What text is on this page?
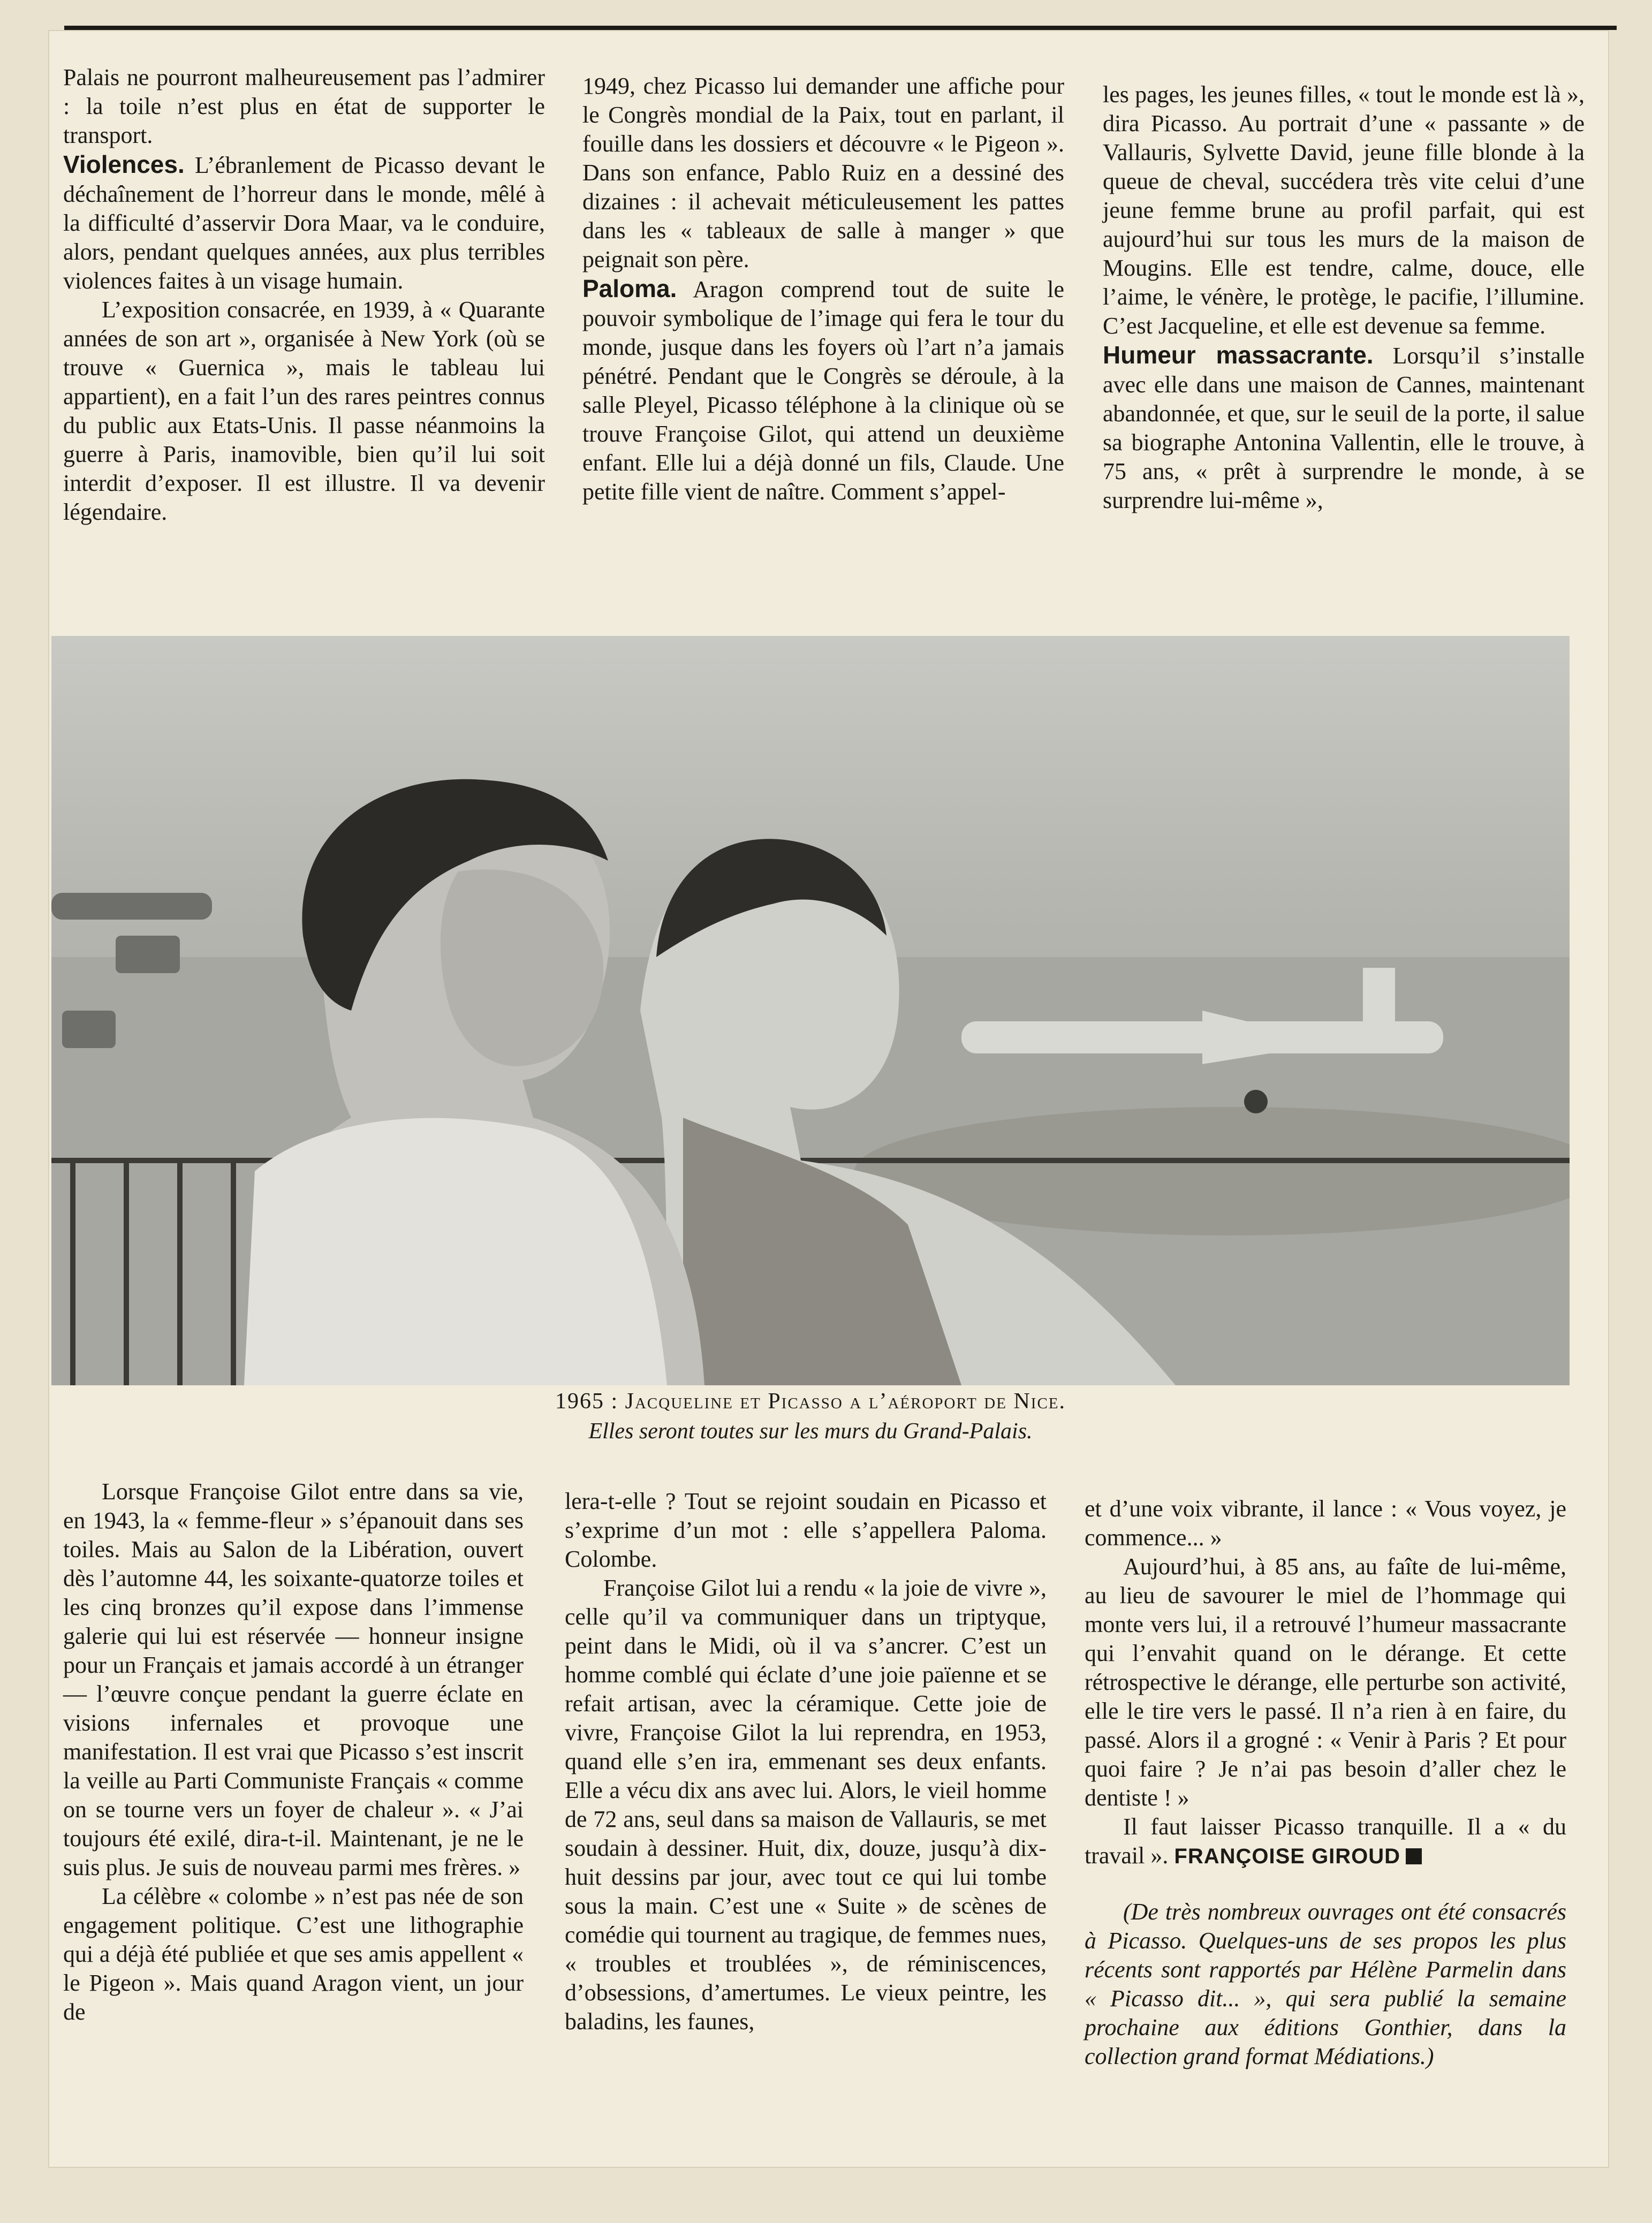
Palais ne pourront malheureusement pas l’admirer : la toile n’est plus en état de supporter le transport.

Violences. L’ébranlement de Picasso devant le déchaînement de l’horreur dans le monde, mêlé à la difficulté d’asservir Dora Maar, va le conduire, alors, pendant quelques années, aux plus terribles violences faites à un visage humain.

L’exposition consacrée, en 1939, à « Quarante années de son art », organisée à New York (où se trouve « Guernica », mais le tableau lui appartient), en a fait l’un des rares peintres connus du public aux Etats-Unis. Il passe néanmoins la guerre à Paris, inamovible, bien qu’il lui soit interdit d’exposer. Il est illustre. Il va devenir légendaire.

1949, chez Picasso lui demander une affiche pour le Congrès mondial de la Paix, tout en parlant, il fouille dans les dossiers et découvre « le Pigeon ». Dans son enfance, Pablo Ruiz en a dessiné des dizaines : il achevait méticuleusement les pattes dans les « tableaux de salle à manger » que peignait son père.

Paloma. Aragon comprend tout de suite le pouvoir symbolique de l’image qui fera le tour du monde, jusque dans les foyers où l’art n’a jamais pénétré. Pendant que le Congrès se déroule, à la salle Pleyel, Picasso téléphone à la clinique où se trouve Françoise Gilot, qui attend un deuxième enfant. Elle lui a déjà donné un fils, Claude. Une petite fille vient de naître. Comment s’appel-

les pages, les jeunes filles, « tout le monde est là », dira Picasso. Au portrait d’une « passante » de Vallauris, Sylvette David, jeune fille blonde à la queue de cheval, succédera très vite celui d’une jeune femme brune au profil parfait, qui est aujourd’hui sur tous les murs de la maison de Mougins. Elle est tendre, calme, douce, elle l’aime, le vénère, le protège, le pacifie, l’illumine. C’est Jacqueline, et elle est devenue sa femme.

Humeur massacrante. Lorsqu’il s’installe avec elle dans une maison de Cannes, maintenant abandonnée, et que, sur le seuil de la porte, il salue sa biographe Antonina Vallentin, elle le trouve, à 75 ans, « prêt à surprendre le monde, à se surprendre lui-même »,

1965 : Jacqueline et Picasso a l’aéroport de Nice.
Elles seront toutes sur les murs du Grand-Palais.

Lorsque Françoise Gilot entre dans sa vie, en 1943, la « femme-fleur » s’épanouit dans ses toiles. Mais au Salon de la Libération, ouvert dès l’automne 44, les soixante-quatorze toiles et les cinq bronzes qu’il expose dans l’immense galerie qui lui est réservée — honneur insigne pour un Français et jamais accordé à un étranger — l’œuvre conçue pendant la guerre éclate en visions infernales et provoque une manifestation. Il est vrai que Picasso s’est inscrit la veille au Parti Communiste Français « comme on se tourne vers un foyer de chaleur ». « J’ai toujours été exilé, dira-t-il. Maintenant, je ne le suis plus. Je suis de nouveau parmi mes frères. »

La célèbre « colombe » n’est pas née de son engagement politique. C’est une lithographie qui a déjà été publiée et que ses amis appellent « le Pigeon ». Mais quand Aragon vient, un jour de

lera-t-elle ? Tout se rejoint soudain en Picasso et s’exprime d’un mot : elle s’appellera Paloma. Colombe.

Françoise Gilot lui a rendu « la joie de vivre », celle qu’il va communiquer dans un triptyque, peint dans le Midi, où il va s’ancrer. C’est un homme comblé qui éclate d’une joie païenne et se refait artisan, avec la céramique. Cette joie de vivre, Françoise Gilot la lui reprendra, en 1953, quand elle s’en ira, emmenant ses deux enfants. Elle a vécu dix ans avec lui. Alors, le vieil homme de 72 ans, seul dans sa maison de Vallauris, se met soudain à dessiner. Huit, dix, douze, jusqu’à dix-huit dessins par jour, avec tout ce qui lui tombe sous la main. C’est une « Suite » de scènes de comédie qui tournent au tragique, de femmes nues, « troubles et troublées », de réminiscences, d’obsessions, d’amertumes. Le vieux peintre, les baladins, les faunes,

et d’une voix vibrante, il lance : « Vous voyez, je commence... »

Aujourd’hui, à 85 ans, au faîte de lui-même, au lieu de savourer le miel de l’hommage qui monte vers lui, il a retrouvé l’humeur massacrante qui l’envahit quand on le dérange. Et cette rétrospective le dérange, elle perturbe son activité, elle le tire vers le passé. Il n’a rien à en faire, du passé. Alors il a grogné : « Venir à Paris ? Et pour quoi faire ? Je n’ai pas besoin d’aller chez le dentiste ! »

Il faut laisser Picasso tranquille. Il a « du travail ». FRANÇOISE GIROUD

(De très nombreux ouvrages ont été consacrés à Picasso. Quelques-uns de ses propos les plus récents sont rapportés par Hélène Parmelin dans « Picasso dit... », qui sera publié la semaine prochaine aux éditions Gonthier, dans la collection grand format Médiations.)
